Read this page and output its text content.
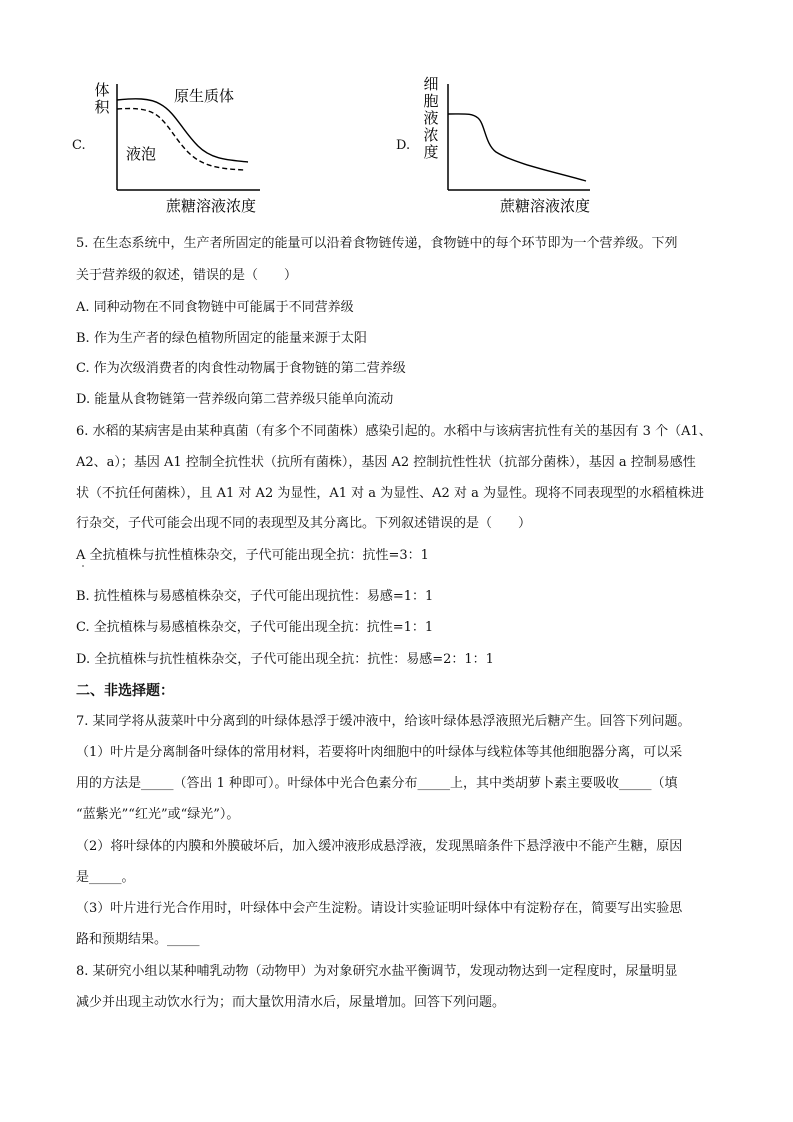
C.
体积
原生质体
液泡
蔗糖溶液浓度
D.
细胞液浓度
蔗糖溶液浓度
5. 在生态系统中，生产者所固定的能量可以沿着食物链传递，食物链中的每个环节即为一个营养级。下列
关于营养级的叙述，错误的是（　　）
A. 同种动物在不同食物链中可能属于不同营养级
B. 作为生产者的绿色植物所固定的能量来源于太阳
C. 作为次级消费者的肉食性动物属于食物链的第二营养级
D. 能量从食物链第一营养级向第二营养级只能单向流动
6. 水稻的某病害是由某种真菌（有多个不同菌株）感染引起的。水稻中与该病害抗性有关的基因有 3 个（A1、
A2、a）；基因 A1 控制全抗性状（抗所有菌株），基因 A2 控制抗性性状（抗部分菌株），基因 a 控制易感性
状（不抗任何菌株），且 A1 对 A2 为显性，A1 对 a 为显性、A2 对 a 为显性。现将不同表现型的水稻植株进
行杂交，子代可能会出现不同的表现型及其分离比。下列叙述错误的是（　　）
A 全抗植株与抗性植株杂交，子代可能出现全抗：抗性=3：1
B. 抗性植株与易感植株杂交，子代可能出现抗性：易感=1：1
C. 全抗植株与易感植株杂交，子代可能出现全抗：抗性=1：1
D. 全抗植株与抗性植株杂交，子代可能出现全抗：抗性：易感=2：1：1
二、非选择题：
7. 某同学将从菠菜叶中分离到的叶绿体悬浮于缓冲液中，给该叶绿体悬浮液照光后糖产生。回答下列问题。
（1）叶片是分离制备叶绿体的常用材料，若要将叶肉细胞中的叶绿体与线粒体等其他细胞器分离，可以采
用的方法是_____（答出 1 种即可）。叶绿体中光合色素分布_____上，其中类胡萝卜素主要吸收_____（填
“蓝紫光”“红光”或“绿光”）。
（2）将叶绿体的内膜和外膜破坏后，加入缓冲液形成悬浮液，发现黑暗条件下悬浮液中不能产生糖，原因
是_____。
（3）叶片进行光合作用时，叶绿体中会产生淀粉。请设计实验证明叶绿体中有淀粉存在，简要写出实验思
路和预期结果。_____
8. 某研究小组以某种哺乳动物（动物甲）为对象研究水盐平衡调节，发现动物达到一定程度时，尿量明显
减少并出现主动饮水行为；而大量饮用清水后，尿量增加。回答下列问题。
